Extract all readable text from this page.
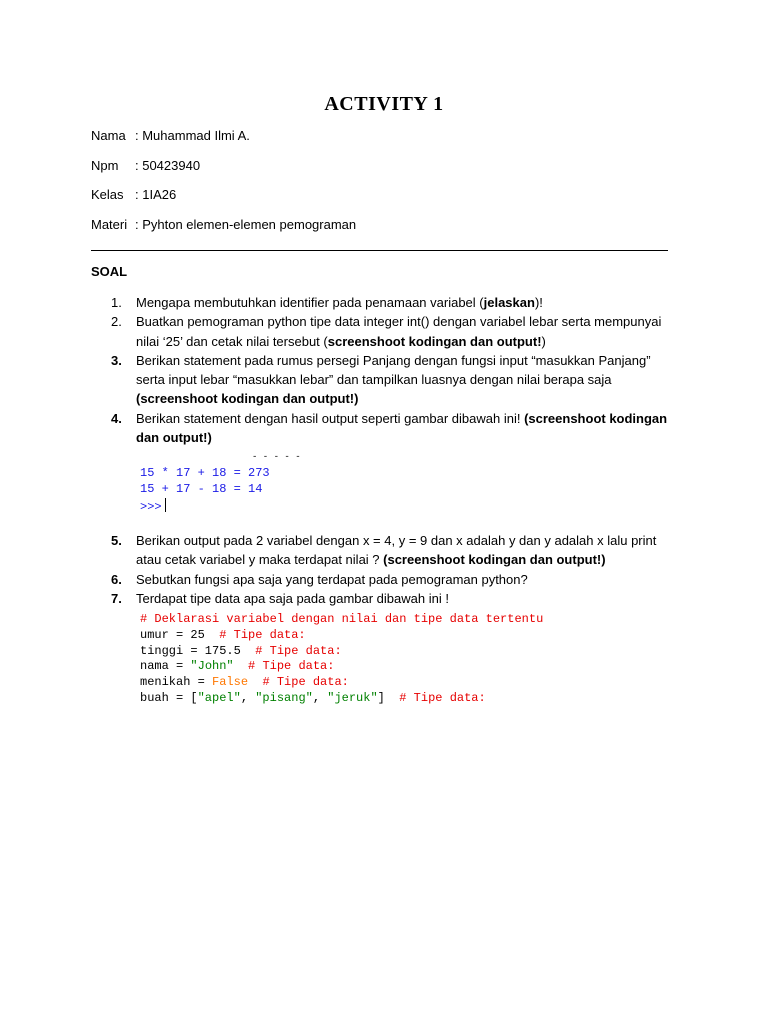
ACTIVITY 1
Nama : Muhammad Ilmi A.
Npm	: 50423940
Kelas : 1IA26
Materi : Pyhton elemen-elemen pemograman
SOAL
1.	Mengapa membutuhkan identifier pada penamaan variabel (jelaskan)!
2.	Buatkan pemograman python tipe data integer int() dengan variabel lebar serta mempunyai nilai ‘25’ dan cetak nilai tersebut (screenshoot kodingan dan output!)
3.	Berikan statement pada rumus persegi Panjang dengan fungsi input “masukkan Panjang” serta input lebar “masukkan lebar” dan tampilkan luasnya dengan nilai berapa saja (screenshoot kodingan dan output!)
4.	Berikan statement dengan hasil output seperti gambar dibawah ini! (screenshoot kodingan dan output!)
- - - - -
15 * 17 + 18 = 273
15 + 17 - 18 = 14
>>>
5.	Berikan output pada 2 variabel dengan x = 4, y = 9 dan x adalah y dan y adalah x lalu print atau cetak variabel y maka terdapat nilai ? (screenshoot kodingan dan output!)
6.	Sebutkan fungsi apa saja yang terdapat pada pemograman python?
7.	Terdapat tipe data apa saja pada gambar dibawah ini !
# Deklarasi variabel dengan nilai dan tipe data tertentu
umur = 25 # Tipe data:
tinggi = 175.5 # Tipe data:
nama = "John" # Tipe data:
menikah = False # Tipe data:
buah = ["apel", "pisang", "jeruk"] # Tipe data:
